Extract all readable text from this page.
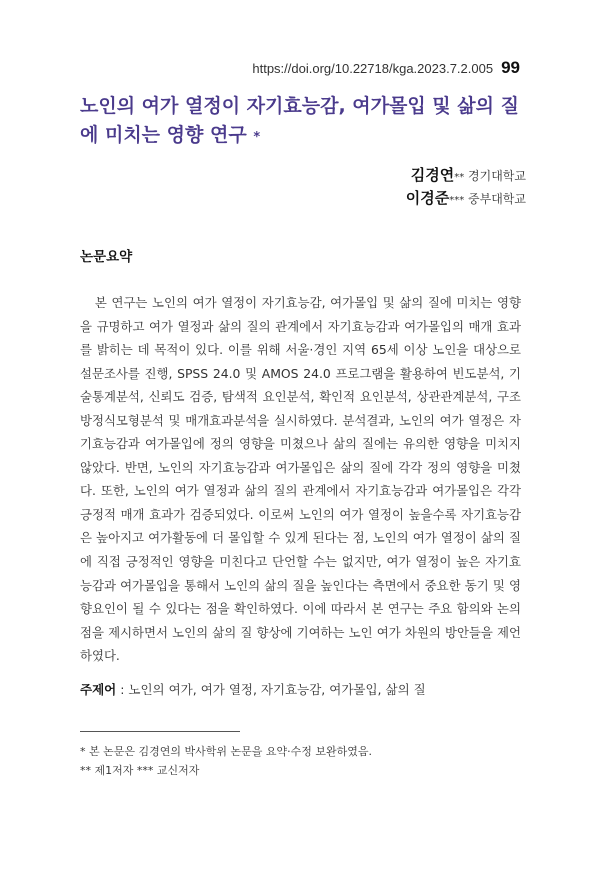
https://doi.org/10.22718/kga.2023.7.2.005 99
노인의 여가 열정이 자기효능감, 여가몰입 및 삶의 질에 미치는 영향 연구 *
김경연** 경기대학교
이경준*** 중부대학교
논문요약

본 연구는 노인의 여가 열정이 자기효능감, 여가몰입 및 삶의 질에 미치는 영향을 규명하고 여가 열정과 삶의 질의 관계에서 자기효능감과 여가몰입의 매개 효과를 밝히는 데 목적이 있다. 이를 위해 서울·경인 지역 65세 이상 노인을 대상으로 설문조사를 진행, SPSS 24.0 및 AMOS 24.0 프로그램을 활용하여 빈도분석, 기술통계분석, 신뢰도 검증, 탐색적 요인분석, 확인적 요인분석, 상관관계분석, 구조방정식모형분석 및 매개효과분석을 실시하였다. 분석결과, 노인의 여가 열정은 자기효능감과 여가몰입에 정의 영향을 미쳤으나 삶의 질에는 유의한 영향을 미치지 않았다. 반면, 노인의 자기효능감과 여가몰입은 삶의 질에 각각 정의 영향을 미쳤다. 또한, 노인의 여가 열정과 삶의 질의 관계에서 자기효능감과 여가몰입은 각각 긍정적 매개 효과가 검증되었다. 이로써 노인의 여가 열정이 높을수록 자기효능감은 높아지고 여가활동에 더 몰입할 수 있게 된다는 점, 노인의 여가 열정이 삶의 질에 직접 긍정적인 영향을 미친다고 단언할 수는 없지만, 여가 열정이 높은 자기효능감과 여가몰입을 통해서 노인의 삶의 질을 높인다는 측면에서 중요한 동기 및 영향요인이 될 수 있다는 점을 확인하였다. 이에 따라서 본 연구는 주요 함의와 논의점을 제시하면서 노인의 삶의 질 향상에 기여하는 노인 여가 차원의 방안들을 제언하였다.

주제어 : 노인의 여가, 여가 열정, 자기효능감, 여가몰입, 삶의 질
* 본 논문은 김경연의 박사학위 논문을 요약·수정 보완하였음.
** 제1저자 *** 교신저자
